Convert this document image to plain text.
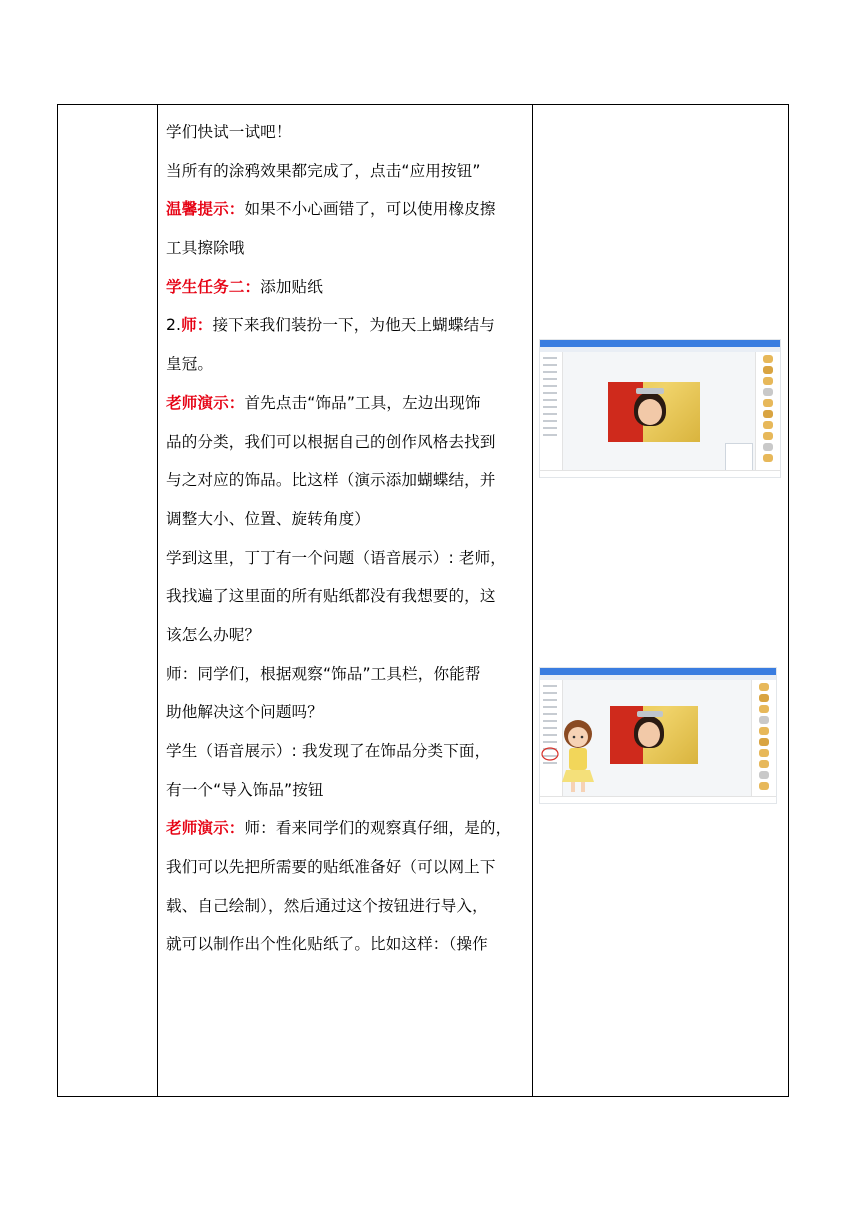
学们快试一试吧！
当所有的涂鸦效果都完成了，点击“应用按钮”
温馨提示：如果不小心画错了，可以使用橡皮擦
工具擦除哦
学生任务二：添加贴纸
2.师：接下来我们装扮一下，为他天上蝴蝶结与
皇冠。
老师演示：首先点击“饰品”工具，左边出现饰
品的分类，我们可以根据自己的创作风格去找到
与之对应的饰品。比这样（演示添加蝴蝶结，并
调整大小、位置、旋转角度）
学到这里，丁丁有一个问题（语音展示）: 老师，
我找遍了这里面的所有贴纸都没有我想要的，这
该怎么办呢？
师：同学们，根据观察“饰品”工具栏，你能帮
助他解决这个问题吗？
学生（语音展示）: 我发现了在饰品分类下面，
有一个“导入饰品”按钮
老师演示：师：看来同学们的观察真仔细，是的，
我们可以先把所需要的贴纸准备好（可以网上下
载、自己绘制），然后通过这个按钮进行导入，
就可以制作出个性化贴纸了。比如这样：（操作
